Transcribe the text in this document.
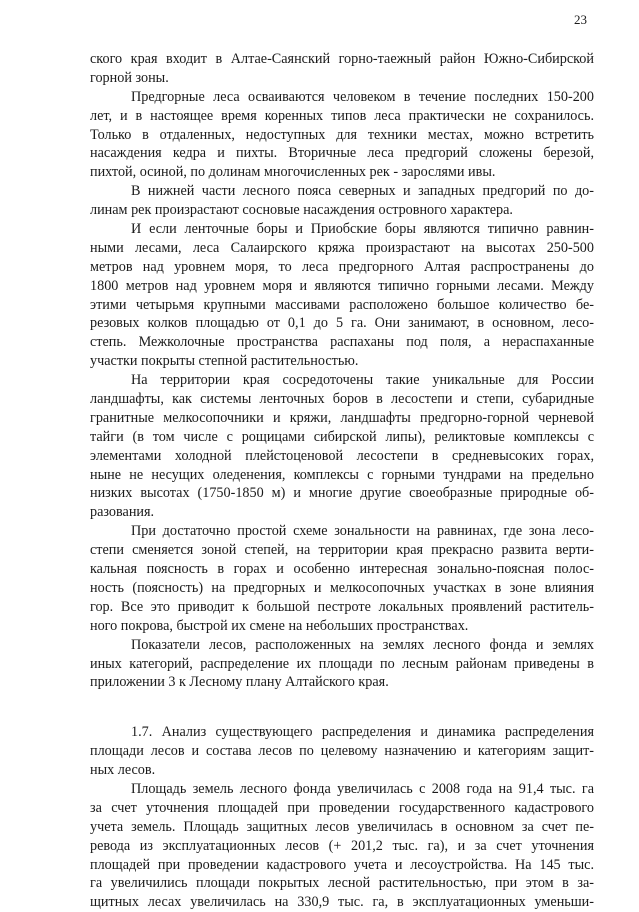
23
ского края входит в Алтае-Саянский горно-таежный район Южно-Сибирской
горной зоны.
Предгорные леса осваиваются человеком в течение последних 150-200
лет, и в настоящее время коренных типов леса практически не сохранилось.
Только в отдаленных, недоступных для техники местах, можно встретить
насаждения кедра и пихты. Вторичные леса предгорий сложены березой,
пихтой, осиной, по долинам многочисленных рек - зарослями ивы.
В нижней части лесного пояса северных и западных предгорий по до-
линам рек произрастают сосновые насаждения островного характера.
И если ленточные боры и Приобские боры являются типично равнин-
ными лесами, леса Салаирского кряжа произрастают на высотах 250-500
метров над уровнем моря, то леса предгорного Алтая распространены до
1800 метров над уровнем моря и являются типично горными лесами. Между
этими четырьмя крупными массивами расположено большое количество бе-
резовых колков площадью от 0,1 до 5 га. Они занимают, в основном, лесо-
степь. Межколочные пространства распаханы под поля, а нераспаханные
участки покрыты степной растительностью.
На территории края сосредоточены такие уникальные для России
ландшафты, как системы ленточных боров в лесостепи и степи, субаридные
гранитные мелкосопочники и кряжи, ландшафты предгорно-горной черневой
тайги (в том числе с рощицами сибирской липы), реликтовые комплексы с
элементами холодной плейстоценовой лесостепи в средневысоких горах,
ныне не несущих оледенения, комплексы с горными тундрами на предельно
низких высотах (1750-1850 м) и многие другие своеобразные природные об-
разования.
При достаточно простой схеме зональности на равнинах, где зона лесо-
степи сменяется зоной степей, на территории края прекрасно развита верти-
кальная поясность в горах и особенно интересная зонально-поясная полос-
ность (поясность) на предгорных и мелкосопочных участках в зоне влияния
гор. Все это приводит к большой пестроте локальных проявлений раститель-
ного покрова, быстрой их смене на небольших пространствах.
Показатели лесов, расположенных на землях лесного фонда и землях
иных категорий, распределение их площади по лесным районам приведены в
приложении 3 к Лесному плану Алтайского края.
1.7. Анализ существующего распределения и динамика распределения
площади лесов и состава лесов по целевому назначению и категориям защит-
ных лесов.
Площадь земель лесного фонда увеличилась с 2008 года на 91,4 тыс. га
за счет уточнения площадей при проведении государственного кадастрового
учета земель. Площадь защитных лесов увеличилась в основном за счет пе-
ревода из эксплуатационных лесов (+ 201,2 тыс. га), и за счет уточнения
площадей при проведении кадастрового учета и лесоустройства. На 145 тыс.
га увеличились площади покрытых лесной растительностью, при этом в за-
щитных лесах увеличилась на 330,9 тыс. га, в эксплуатационных уменьши-
